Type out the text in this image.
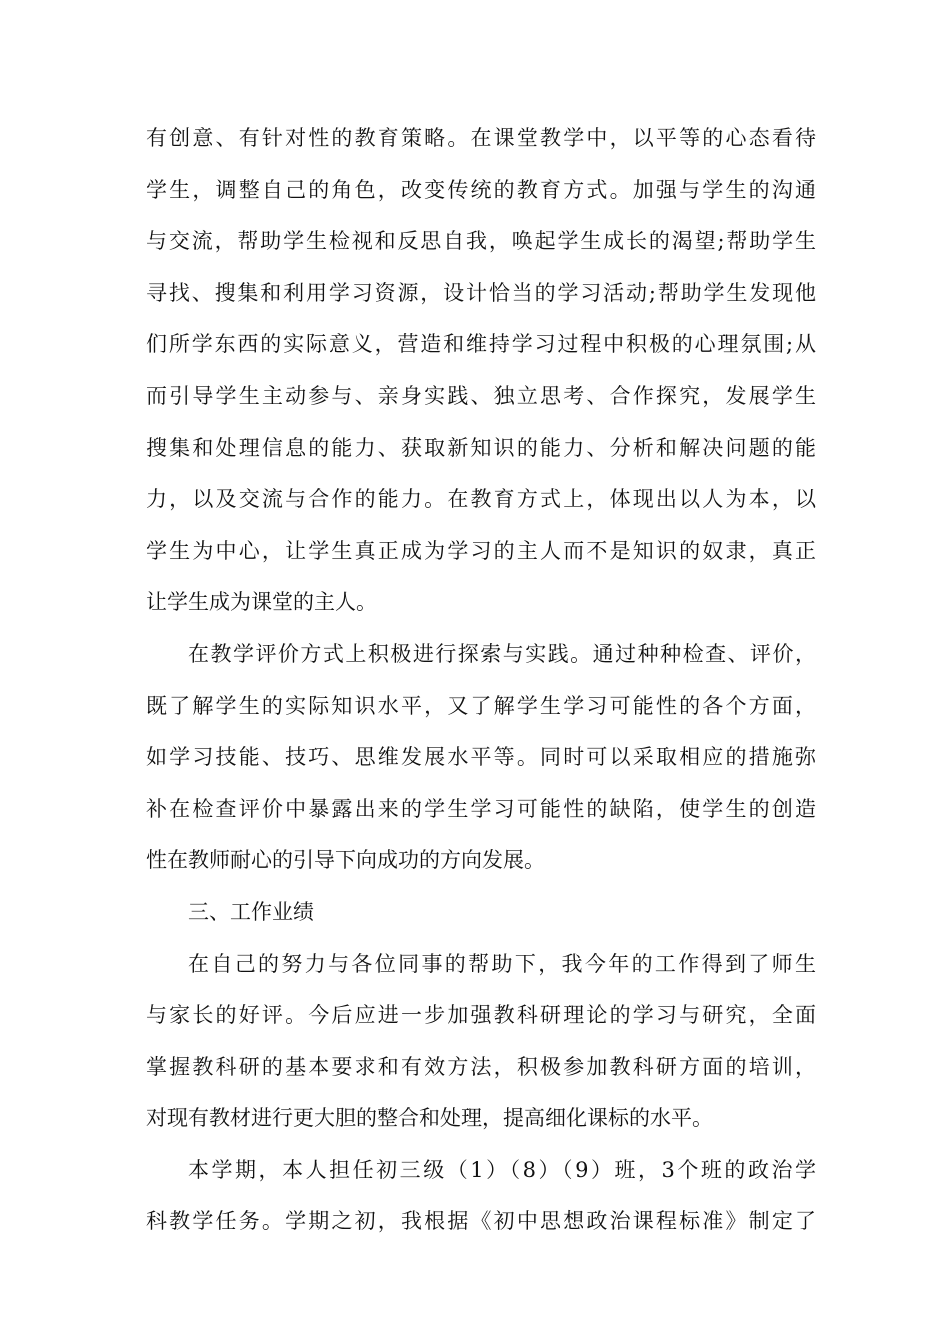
有创意、有针对性的教育策略。在课堂教学中，以平等的心态看待
学生，调整自己的角色，改变传统的教育方式。加强与学生的沟通
与交流，帮助学生检视和反思自我，唤起学生成长的渴望;帮助学生
寻找、搜集和利用学习资源，设计恰当的学习活动;帮助学生发现他
们所学东西的实际意义，营造和维持学习过程中积极的心理氛围;从
而引导学生主动参与、亲身实践、独立思考、合作探究，发展学生
搜集和处理信息的能力、获取新知识的能力、分析和解决问题的能
力，以及交流与合作的能力。在教育方式上，体现出以人为本，以
学生为中心，让学生真正成为学习的主人而不是知识的奴隶，真正
让学生成为课堂的主人。
在教学评价方式上积极进行探索与实践。通过种种检查、评价，
既了解学生的实际知识水平，又了解学生学习可能性的各个方面，
如学习技能、技巧、思维发展水平等。同时可以采取相应的措施弥
补在检查评价中暴露出来的学生学习可能性的缺陷，使学生的创造
性在教师耐心的引导下向成功的方向发展。
三、工作业绩
在自己的努力与各位同事的帮助下，我今年的工作得到了师生
与家长的好评。今后应进一步加强教科研理论的学习与研究，全面
掌握教科研的基本要求和有效方法，积极参加教科研方面的培训，
对现有教材进行更大胆的整合和处理，提高细化课标的水平。
本学期，本人担任初三级（1）（8）（9）班，3个班的政治学
科教学任务。学期之初，我根据《初中思想政治课程标准》制定了
